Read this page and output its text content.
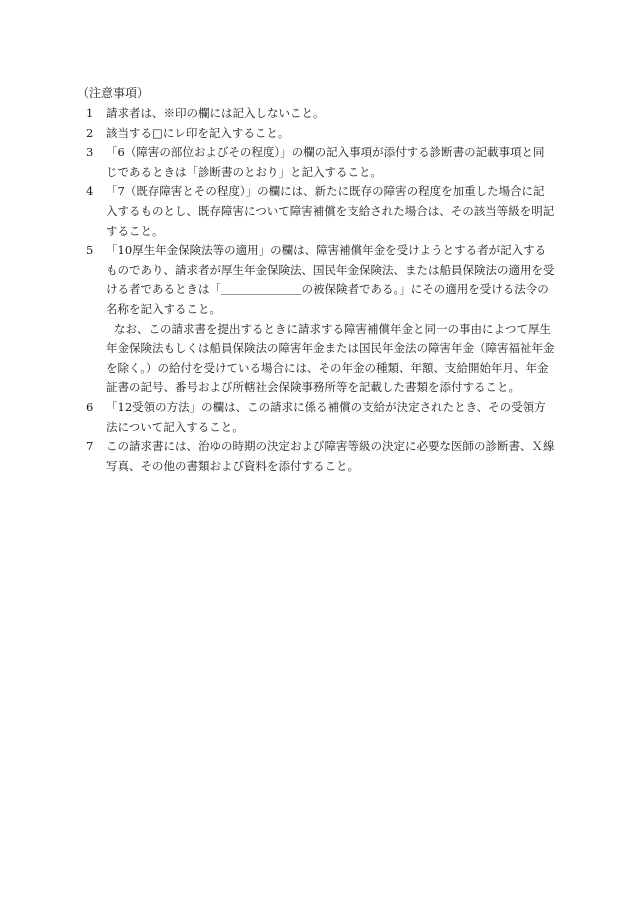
（注意事項）
1	請求者は、※印の欄には記入しないこと。
2	該当する□にレ印を記入すること。
3	「6（障害の部位およびその程度）」の欄の記入事項が添付する診断書の記載事項と同じであるときは「診断書のとおり」と記入すること。
4	「7（既存障害とその程度）」の欄には、新たに既存の障害の程度を加重した場合に記入するものとし、既存障害について障害補償を支給された場合は、その該当等級を明記すること。
5	「10厚生年金保険法等の適用」の欄は、障害補償年金を受けようとする者が記入するものであり、請求者が厚生年金保険法、国民年金保険法、または船員保険法の適用を受ける者であるときは「＿＿＿＿＿＿＿の被保険者である。」にその適用を受ける法令の名称を記入すること。
なお、この請求書を提出するときに請求する障害補償年金と同一の事由によつて厚生年金保険法もしくは船員保険法の障害年金または国民年金法の障害年金（障害福祉年金を除く。）の給付を受けている場合には、その年金の種類、年額、支給開始年月、年金証書の記号、番号および所轄社会保険事務所等を記載した書類を添付すること。
6	「12受領の方法」の欄は、この請求に係る補償の支給が決定されたとき、その受領方法について記入すること。
7	この請求書には、治ゆの時期の決定および障害等級の決定に必要な医師の診断書、Ｘ線写真、その他の書類および資料を添付すること。
